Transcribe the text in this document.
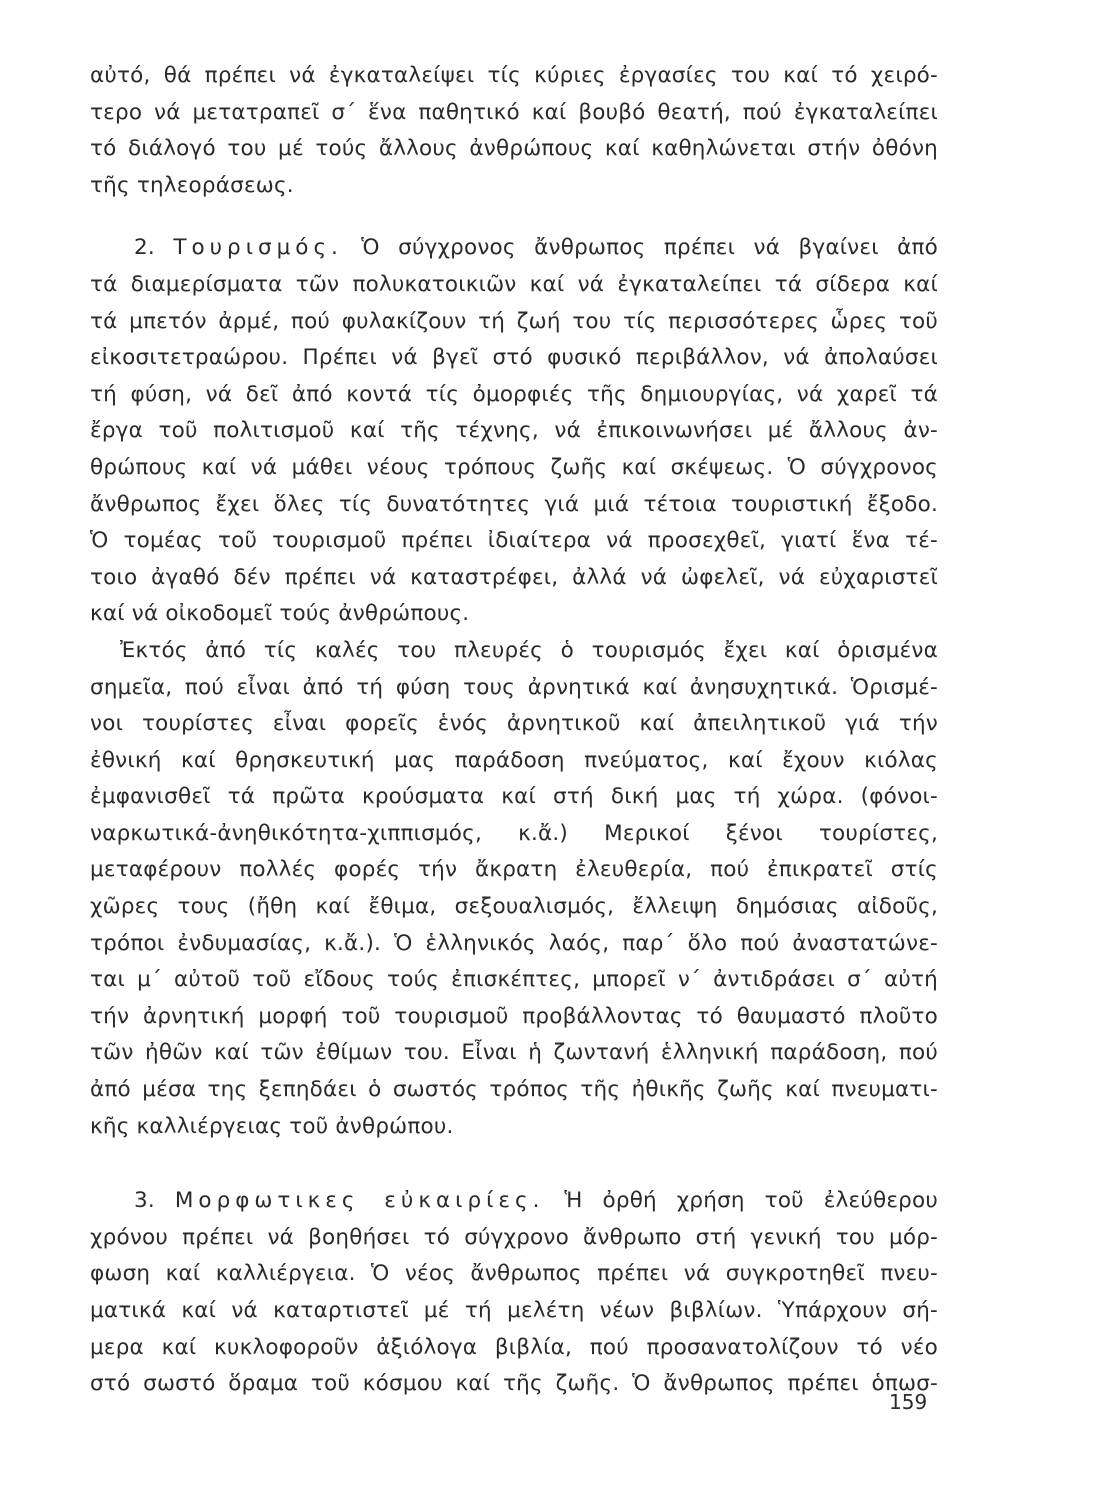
αὐτό, θά πρέπει νά ἐγκαταλείψει τίς κύριες ἐργασίες του καί τό χειρό-
τερο νά μετατραπεῖ σ΄ ἕνα παθητικό καί βουβό θεατή, πού ἐγκαταλείπει
τό διάλογό του μέ τούς ἄλλους ἀνθρώπους καί καθηλώνεται στήν ὀθόνη
τῆς τηλεοράσεως.
2. Τουρισμός. Ὁ σύγχρονος ἄνθρωπος πρέπει νά βγαίνει ἀπό
τά διαμερίσματα τῶν πολυκατοικιῶν καί νά ἐγκαταλείπει τά σίδερα καί
τά μπετόν ἀρμέ, πού φυλακίζουν τή ζωή του τίς περισσότερες ὧρες τοῦ
εἰκοσιτετραώρου. Πρέπει νά βγεῖ στό φυσικό περιβάλλον, νά ἀπολαύσει
τή φύση, νά δεῖ ἀπό κοντά τίς ὀμορφιές τῆς δημιουργίας, νά χαρεῖ τά
ἔργα τοῦ πολιτισμοῦ καί τῆς τέχνης, νά ἐπικοινωνήσει μέ ἄλλους ἀν-
θρώπους καί νά μάθει νέους τρόπους ζωῆς καί σκέψεως. Ὁ σύγχρονος
ἄνθρωπος ἔχει ὅλες τίς δυνατότητες γιά μιά τέτοια τουριστική ἔξοδο.
Ὁ τομέας τοῦ τουρισμοῦ πρέπει ἰδιαίτερα νά προσεχθεῖ, γιατί ἕνα τέ-
τοιο ἀγαθό δέν πρέπει νά καταστρέφει, ἀλλά νά ὠφελεῖ, νά εὐχαριστεῖ
καί νά οἰκοδομεῖ τούς ἀνθρώπους.
Ἐκτός ἀπό τίς καλές του πλευρές ὁ τουρισμός ἔχει καί ὁρισμένα
σημεῖα, πού εἶναι ἀπό τή φύση τους ἀρνητικά καί ἀνησυχητικά. Ὁρισμέ-
νοι τουρίστες εἶναι φορεῖς ἑνός ἀρνητικοῦ καί ἀπειλητικοῦ γιά τήν
ἐθνική καί θρησκευτική μας παράδοση πνεύματος, καί ἔχουν κιόλας
ἐμφανισθεῖ τά πρῶτα κρούσματα καί στή δική μας τή χώρα. (φόνοι-
ναρκωτικά-ἀνηθικότητα-χιππισμός, κ.ἄ.) Μερικοί ξένοι τουρίστες,
μεταφέρουν πολλές φορές τήν ἄκρατη ἐλευθερία, πού ἐπικρατεῖ στίς
χῶρες τους (ἤθη καί ἔθιμα, σεξουαλισμός, ἔλλειψη δημόσιας αἰδοῦς,
τρόποι ἐνδυμασίας, κ.ἄ.). Ὁ ἑλληνικός λαός, παρ΄ ὅλο πού ἀναστατώνε-
ται μ΄ αὐτοῦ τοῦ εἴδους τούς ἐπισκέπτες, μπορεῖ ν΄ ἀντιδράσει σ΄ αὐτή
τήν ἀρνητική μορφή τοῦ τουρισμοῦ προβάλλοντας τό θαυμαστό πλοῦτο
τῶν ἠθῶν καί τῶν ἐθίμων του. Εἶναι ἡ ζωντανή ἑλληνική παράδοση, πού
ἀπό μέσα της ξεπηδάει ὁ σωστός τρόπος τῆς ἠθικῆς ζωῆς καί πνευματι-
κῆς καλλιέργειας τοῦ ἀνθρώπου.
3. Μορφωτικες εὐκαιρίες. Ἡ ὀρθή χρήση τοῦ ἐλεύθερου
χρόνου πρέπει νά βοηθήσει τό σύγχρονο ἄνθρωπο στή γενική του μόρ-
φωση καί καλλιέργεια. Ὁ νέος ἄνθρωπος πρέπει νά συγκροτηθεῖ πνευ-
ματικά καί νά καταρτιστεῖ μέ τή μελέτη νέων βιβλίων. Ὑπάρχουν σή-
μερα καί κυκλοφοροῦν ἀξιόλογα βιβλία, πού προσανατολίζουν τό νέο
στό σωστό ὅραμα τοῦ κόσμου καί τῆς ζωῆς. Ὁ ἄνθρωπος πρέπει ὁπωσ-
159
